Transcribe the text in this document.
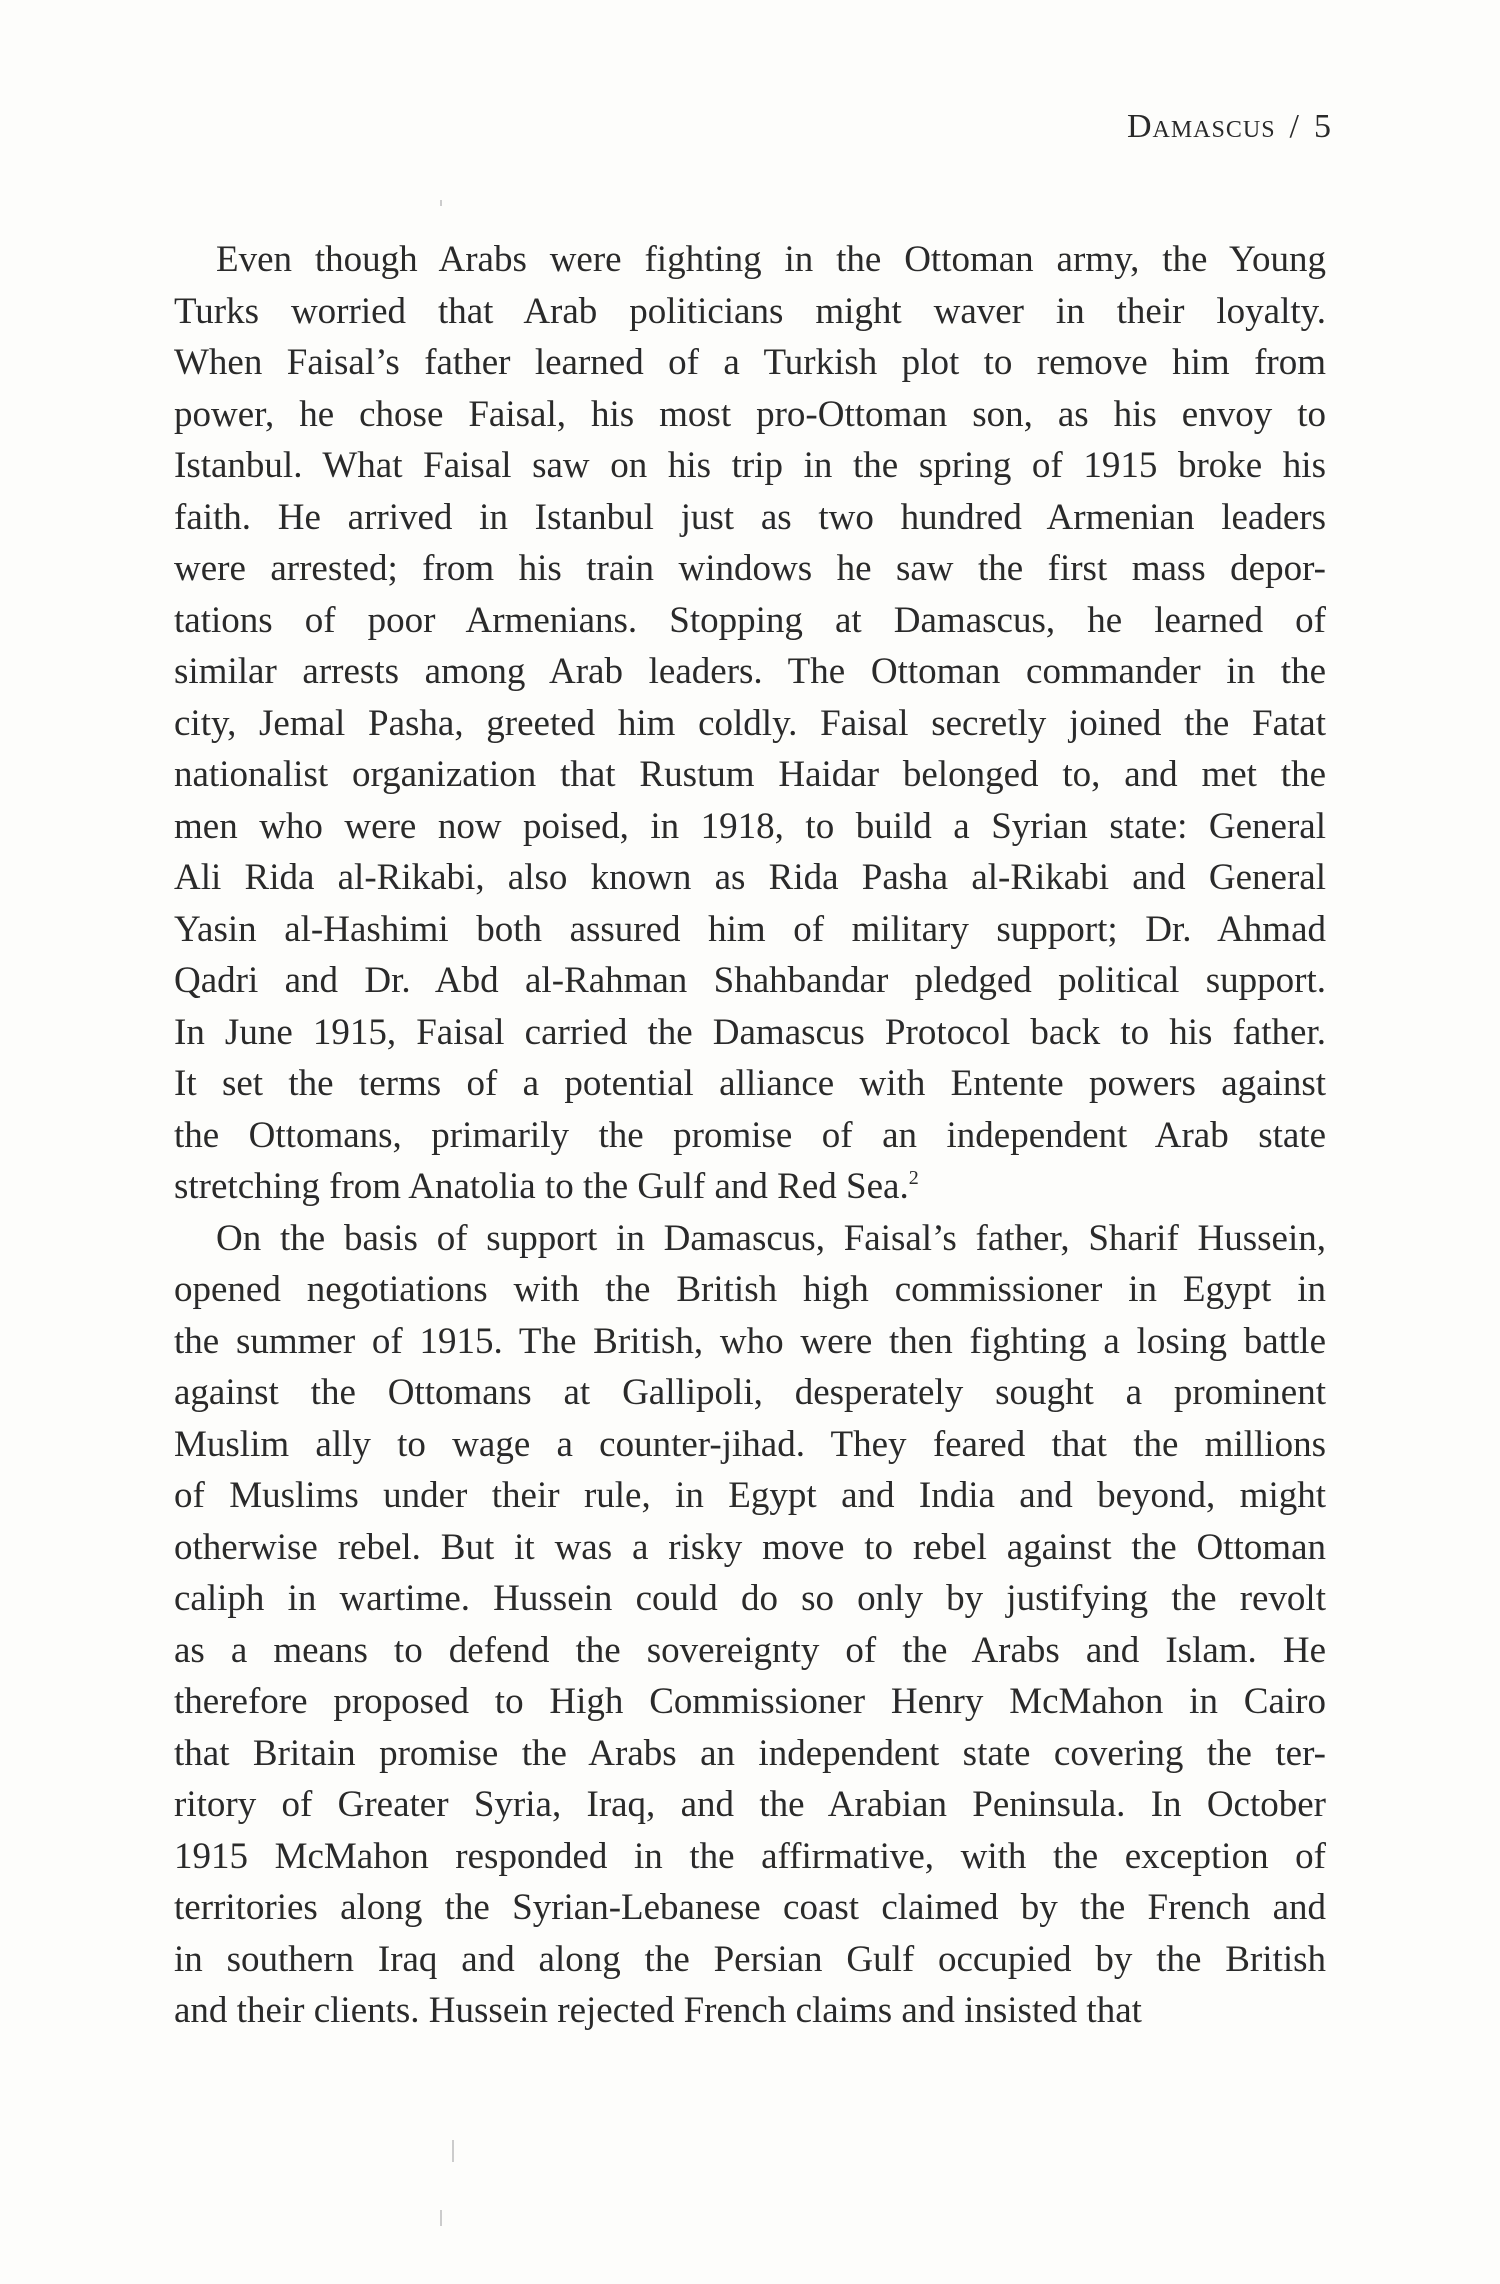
Damascus / 5
Even though Arabs were fighting in the Ottoman army, the Young
Turks worried that Arab politicians might waver in their loyalty.
When Faisal’s father learned of a Turkish plot to remove him from
power, he chose Faisal, his most pro-Ottoman son, as his envoy to
Istanbul. What Faisal saw on his trip in the spring of 1915 broke his
faith. He arrived in Istanbul just as two hundred Armenian leaders
were arrested; from his train windows he saw the first mass depor-
tations of poor Armenians. Stopping at Damascus, he learned of
similar arrests among Arab leaders. The Ottoman commander in the
city, Jemal Pasha, greeted him coldly. Faisal secretly joined the Fatat
nationalist organization that Rustum Haidar belonged to, and met the
men who were now poised, in 1918, to build a Syrian state: General
Ali Rida al-Rikabi, also known as Rida Pasha al-Rikabi and General
Yasin al-Hashimi both assured him of military support; Dr. Ahmad
Qadri and Dr. Abd al-Rahman Shahbandar pledged political support.
In June 1915, Faisal carried the Damascus Protocol back to his father.
It set the terms of a potential alliance with Entente powers against
the Ottomans, primarily the promise of an independent Arab state
stretching from Anatolia to the Gulf and Red Sea.$^2$
On the basis of support in Damascus, Faisal’s father, Sharif Hussein,
opened negotiations with the British high commissioner in Egypt in
the summer of 1915. The British, who were then fighting a losing battle
against the Ottomans at Gallipoli, desperately sought a prominent
Muslim ally to wage a counter-jihad. They feared that the millions
of Muslims under their rule, in Egypt and India and beyond, might
otherwise rebel. But it was a risky move to rebel against the Ottoman
caliph in wartime. Hussein could do so only by justifying the revolt
as a means to defend the sovereignty of the Arabs and Islam. He
therefore proposed to High Commissioner Henry McMahon in Cairo
that Britain promise the Arabs an independent state covering the ter-
ritory of Greater Syria, Iraq, and the Arabian Peninsula. In October
1915 McMahon responded in the affirmative, with the exception of
territories along the Syrian-Lebanese coast claimed by the French and
in southern Iraq and along the Persian Gulf occupied by the British
and their clients. Hussein rejected French claims and insisted that
